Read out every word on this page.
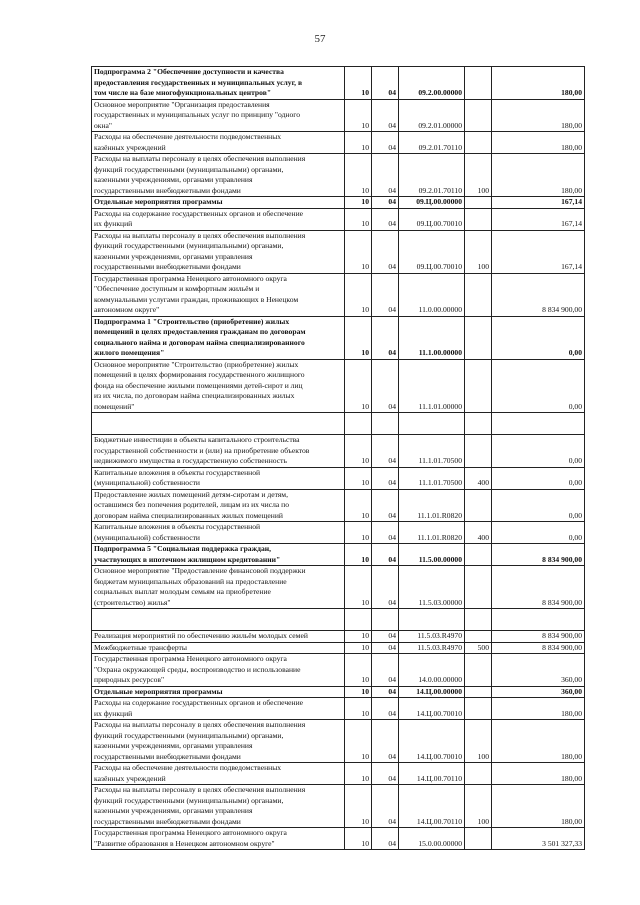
57
Подпрограмма 2 "Обеспечение доступности и качества
предоставления государственных и муниципальных услуг, в
том числе на базе многофункциональных центров"	10	04	09.2.00.00000		180,00
Основное мероприятие "Организация предоставления
государственных и муниципальных услуг по принципу "одного
окна"	10	04	09.2.01.00000		180,00
Расходы на обеспечение деятельности подведомственных
казённых учреждений	10	04	09.2.01.70110		180,00
Расходы на выплаты персоналу в целях обеспечения выполнения
функций государственными (муниципальными) органами,
казенными учреждениями, органами управления
государственными внебюджетными фондами	10	04	09.2.01.70110	100	180,00
Отдельные мероприятия программы	10	04	09.Ц.00.00000		167,14
Расходы на содержание государственных органов и обеспечение
их функций	10	04	09.Ц.00.70010		167,14
Расходы на выплаты персоналу в целях обеспечения выполнения
функций государственными (муниципальными) органами,
казенными учреждениями, органами управления
государственными внебюджетными фондами	10	04	09.Ц.00.70010	100	167,14
Государственная программа Ненецкого автономного округа
"Обеспечение доступным и комфортным жильём и
коммунальными услугами граждан, проживающих в Ненецком
автономном округе"	10	04	11.0.00.00000		8 834 900,00
Подпрограмма 1 "Строительство (приобретение) жилых
помещений в целях предоставления гражданам по договорам
социального найма и договорам найма специализированного
жилого помещения"	10	04	11.1.00.00000		0,00
Основное мероприятие "Строительство (приобретение) жилых
помещений в целях формирования государственного жилищного
фонда на обеспечение жилыми помещениями детей-сирот и лиц
из их числа, по договорам найма специализированных жилых
помещений"	10	04	11.1.01.00000		0,00

Бюджетные инвестиции в объекты капитального строительства
государственной собственности и (или) на приобретение объектов
недвижимого имущества в государственную собственность	10	04	11.1.01.70500		0,00
Капитальные вложения в объекты государственной
(муниципальной) собственности	10	04	11.1.01.70500	400	0,00
Предоставление жилых помещений детям-сиротам и детям,
оставшимся без попечения родителей, лицам из их числа по
договорам найма специализированных жилых помещений	10	04	11.1.01.R0820		0,00
Капитальные вложения в объекты государственной
(муниципальной) собственности	10	04	11.1.01.R0820	400	0,00
Подпрограмма 5 "Социальная поддержка граждан,
участвующих в ипотечном жилищном кредитовании"	10	04	11.5.00.00000		8 834 900,00
Основное мероприятие "Предоставление финансовой поддержки
бюджетам муниципальных образований на предоставление
социальных выплат молодым семьям на приобретение
(строительство) жилья"	10	04	11.5.03.00000		8 834 900,00

Реализация мероприятий по обеспечению жильём молодых семей	10	04	11.5.03.R4970		8 834 900,00
Межбюджетные трансферты	10	04	11.5.03.R4970	500	8 834 900,00
Государственная программа Ненецкого автономного округа
"Охрана окружающей среды, воспроизводство и использование
природных ресурсов"	10	04	14.0.00.00000		360,00
Отдельные мероприятия программы	10	04	14.Ц.00.00000		360,00
Расходы на содержание государственных органов и обеспечение
их функций	10	04	14.Ц.00.70010		180,00
Расходы на выплаты персоналу в целях обеспечения выполнения
функций государственными (муниципальными) органами,
казенными учреждениями, органами управления
государственными внебюджетными фондами	10	04	14.Ц.00.70010	100	180,00
Расходы на обеспечение деятельности подведомственных
казённых учреждений	10	04	14.Ц.00.70110		180,00
Расходы на выплаты персоналу в целях обеспечения выполнения
функций государственными (муниципальными) органами,
казенными учреждениями, органами управления
государственными внебюджетными фондами	10	04	14.Ц.00.70110	100	180,00
Государственная программа Ненецкого автономного округа
"Развитие образования в Ненецком автономном округе"	10	04	15.0.00.00000		3 501 327,33
